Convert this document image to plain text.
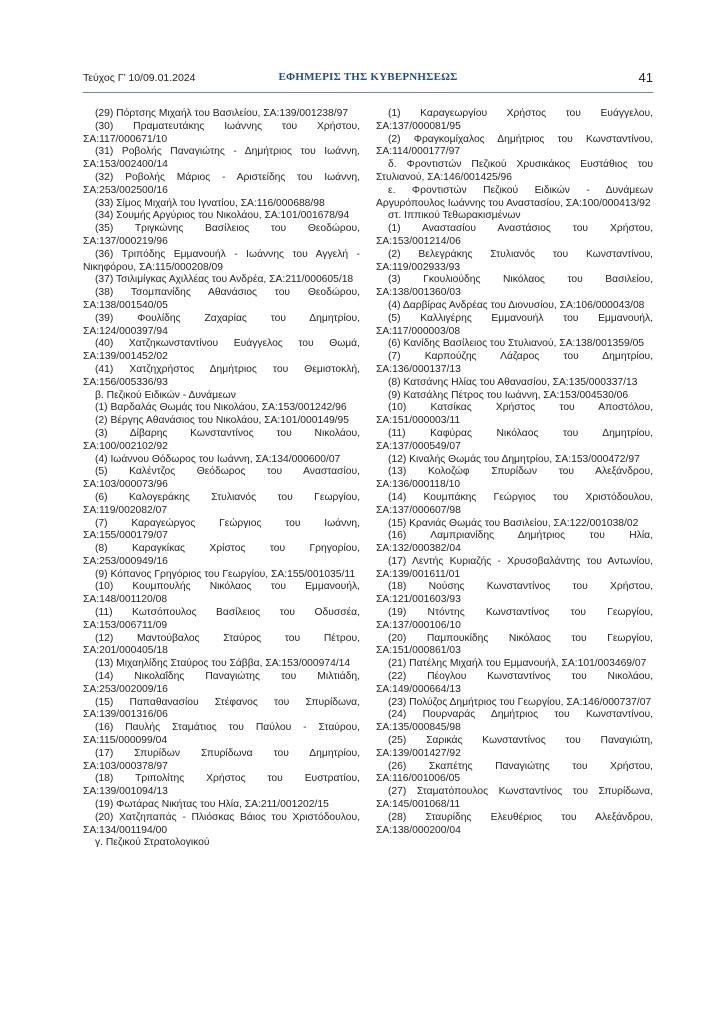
Τεύχος Γ’ 10/09.01.2024	ΕΦΗΜΕΡΙΣ ΤΗΣ ΚΥΒΕΡΝΗΣΕΩΣ	41
(29) Πόρτσης Μιχαήλ του Βασιλείου, ΣΑ:139/001238/97
(30) Πραματευτάκης Ιωάννης του Χρήστου, ΣΑ:117/000671/10
(31) Ροβολής Παναγιώτης - Δημήτριος του Ιωάννη, ΣΑ:153/002400/14
(32) Ροβολής Μάριος - Αριστείδης του Ιωάννη, ΣΑ:253/002500/16
(33) Σίμος Μιχαήλ του Ιγνατίου, ΣΑ:116/000688/98
(34) Σουμής Αργύριος του Νικολάου, ΣΑ:101/001678/94
(35) Τριγκώνης Βασίλειος του Θεοδώρου, ΣΑ:137/000219/96
(36) Τριπόδης Εμμανουήλ - Ιωάννης του Αγγελή - Νικηφόρου, ΣΑ:115/000208/09
(37) Τσιλιμίγκας Αχιλλέας του Ανδρέα, ΣΑ:211/000605/18
(38) Τσομπανίδης Αθανάσιος του Θεοδώρου, ΣΑ:138/001540/05
(39) Φουλίδης Ζαχαρίας του Δημητρίου, ΣΑ:124/000397/94
(40) Χατζηκωνσταντίνου Ευάγγελος του Θωμά, ΣΑ:139/001452/02
(41) Χατζηχρήστος Δημήτριος του Θεμιστοκλή, ΣΑ:156/005336/93
β. Πεζικού Ειδικών - Δυνάμεων
(1) Βαρδαλάς Θωμάς του Νικολάου, ΣΑ:153/001242/96
(2) Βέργης Αθανάσιος του Νικολάου, ΣΑ:101/000149/95
(3) Δίβαρης Κωνσταντίνος του Νικολάου, ΣΑ:100/002102/92
(4) Ιωάννου Θόδωρος του Ιωάννη, ΣΑ:134/000600/07
(5) Καλέντζος Θεόδωρος του Αναστασίου, ΣΑ:103/000073/96
(6) Καλογεράκης Στυλιανός του Γεωργίου, ΣΑ:119/002082/07
(7) Καραγεώργος Γεώργιος του Ιωάννη, ΣΑ:155/000179/07
(8) Καραγκίκας Χρίστος του Γρηγορίου, ΣΑ:253/000949/16
(9) Κόπανος Γρηγόριος του Γεωργίου, ΣΑ:155/001035/11
(10) Κουμπουλής Νικόλαος του Εμμανουήλ, ΣΑ:148/001120/08
(11) Κωτσόπουλος Βασίλειος του Οδυσσέα, ΣΑ:153/006711/09
(12) Μαντούβαλος Σταύρος του Πέτρου, ΣΑ:201/000405/18
(13) Μιχαηλίδης Σταύρος του Σάββα, ΣΑ:153/000974/14
(14) Νικολαΐδης Παναγιώτης του Μιλτιάδη, ΣΑ:253/002009/16
(15) Παπαθανασίου Στέφανος του Σπυρίδωνα, ΣΑ:139/001316/06
(16) Παυλής Σταμάτιος του Παύλου - Σταύρου, ΣΑ:115/000099/04
(17) Σπυρίδων Σπυρίδωνα του Δημητρίου, ΣΑ:103/000378/97
(18) Τριπολίτης Χρήστος του Ευστρατίου, ΣΑ:139/001094/13
(19) Φωτάρας Νικήτας του Ηλία, ΣΑ:211/001202/15
(20) Χατζηπαπάς - Πλιόσκας Βάιος του Χριστόδουλου, ΣΑ:134/001194/00
γ. Πεζικού Στρατολογικού
(1) Καραγεωργίου Χρήστος του Ευάγγελου, ΣΑ:137/000081/95
(2) Φραγκομίχαλος Δημήτριος του Κωνσταντίνου, ΣΑ:114/000177/97
δ. Φροντιστών Πεζικού Χρυσικάκος Ευστάθιος του Στυλιανού, ΣΑ:146/001425/96
ε. Φροντιστών Πεζικού Ειδικών - Δυνάμεων Αργυρόπουλος Ιωάννης του Αναστασίου, ΣΑ:100/000413/92
στ. Ιππικού Τεθωρακισμένων
(1) Αναστασίου Αναστάσιος του Χρήστου, ΣΑ:153/001214/06
(2) Βελεγράκης Στυλιανός του Κωνσταντίνου, ΣΑ:119/002933/93
(3) Γκουλιούδης Νικόλαος του Βασιλείου, ΣΑ:138/001360/03
(4) Δαρβίρας Ανδρέας του Διονυσίου, ΣΑ:106/000043/08
(5) Καλλιγέρης Εμμανουήλ του Εμμανουήλ, ΣΑ:117/000003/08
(6) Κανίδης Βασίλειος του Στυλιανού, ΣΑ:138/001359/05
(7) Καρπούζης Λάζαρος του Δημητρίου, ΣΑ:136/000137/13
(8) Κατσάνης Ηλίας του Αθανασίου, ΣΑ:135/000337/13
(9) Κατσάλης Πέτρος του Ιωάννη, ΣΑ:153/004530/06
(10) Κατσίκας Χρήστος του Αποστόλου, ΣΑ:151/000003/11
(11) Καφύρας Νικόλαος του Δημητρίου, ΣΑ:137/000549/07
(12) Κιναλής Θωμάς του Δημητρίου, ΣΑ:153/000472/97
(13) Κολοζώφ Σπυρίδων του Αλεξάνδρου, ΣΑ:136/000118/10
(14) Κουμπάκης Γεώργιος του Χριστόδουλου, ΣΑ:137/000607/98
(15) Κρανιάς Θωμάς του Βασιλείου, ΣΑ:122/001038/02
(16) Λαμπριανίδης Δημήτριος του Ηλία, ΣΑ:132/000382/04
(17) Λεντής Κυριαζής - Χρυσοβαλάντης του Αντωνίου, ΣΑ:139/001611/01
(18) Νούσης Κωνσταντίνος του Χρήστου, ΣΑ:121/001603/93
(19) Ντόντης Κωνσταντίνος του Γεωργίου, ΣΑ:137/000106/10
(20) Παμπουκίδης Νικόλαος του Γεωργίου, ΣΑ:151/000861/03
(21) Πατέλης Μιχαήλ του Εμμανουήλ, ΣΑ:101/003469/07
(22) Πέογλου Κωνσταντίνος του Νικολάου, ΣΑ:149/000664/13
(23) Πολύζος Δημήτριος του Γεωργίου, ΣΑ:146/000737/07
(24) Πουρναράς Δημήτριος του Κωνσταντίνου, ΣΑ:135/000845/98
(25) Σαρικάς Κωνσταντίνος του Παναγιώτη, ΣΑ:139/001427/92
(26) Σκαπέτης Παναγιώτης του Χρήστου, ΣΑ:116/001006/05
(27) Σταματόπουλος Κωνσταντίνος του Σπυρίδωνα, ΣΑ:145/001068/11
(28) Σταυρίδης Ελευθέριος του Αλεξάνδρου, ΣΑ:138/000200/04
